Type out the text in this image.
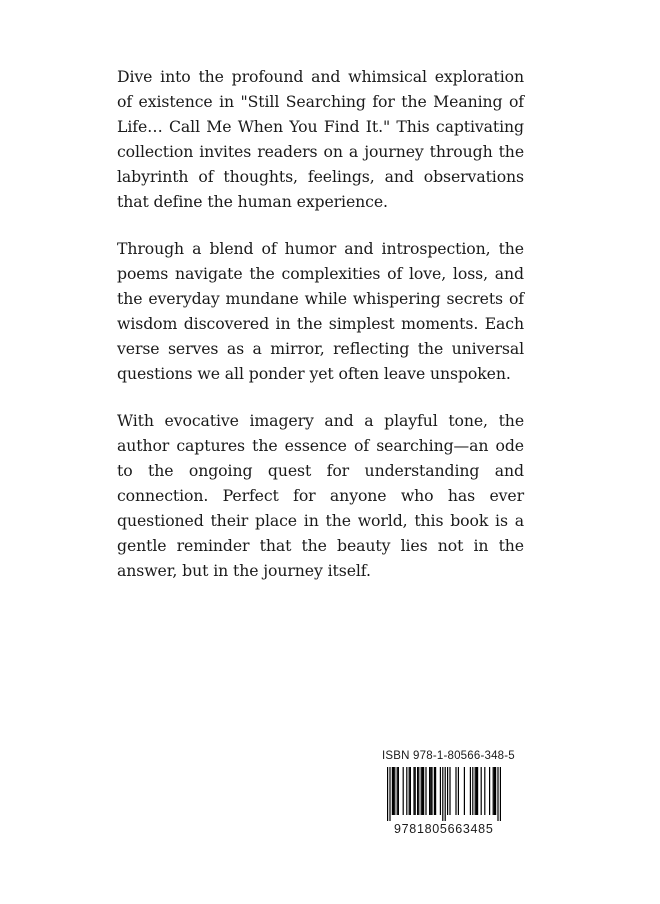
Dive into the profound and whimsical exploration of existence in "Still Searching for the Meaning of Life… Call Me When You Find It." This captivating collection invites readers on a journey through the labyrinth of thoughts, feelings, and observations that define the human experience.

Through a blend of humor and introspection, the poems navigate the complexities of love, loss, and the everyday mundane while whispering secrets of wisdom discovered in the simplest moments. Each verse serves as a mirror, reflecting the universal questions we all ponder yet often leave unspoken.

With evocative imagery and a playful tone, the author captures the essence of searching—an ode to the ongoing quest for understanding and connection. Perfect for anyone who has ever questioned their place in the world, this book is a gentle reminder that the beauty lies not in the answer, but in the journey itself.

ISBN 978-1-80566-348-5
9781805663485
